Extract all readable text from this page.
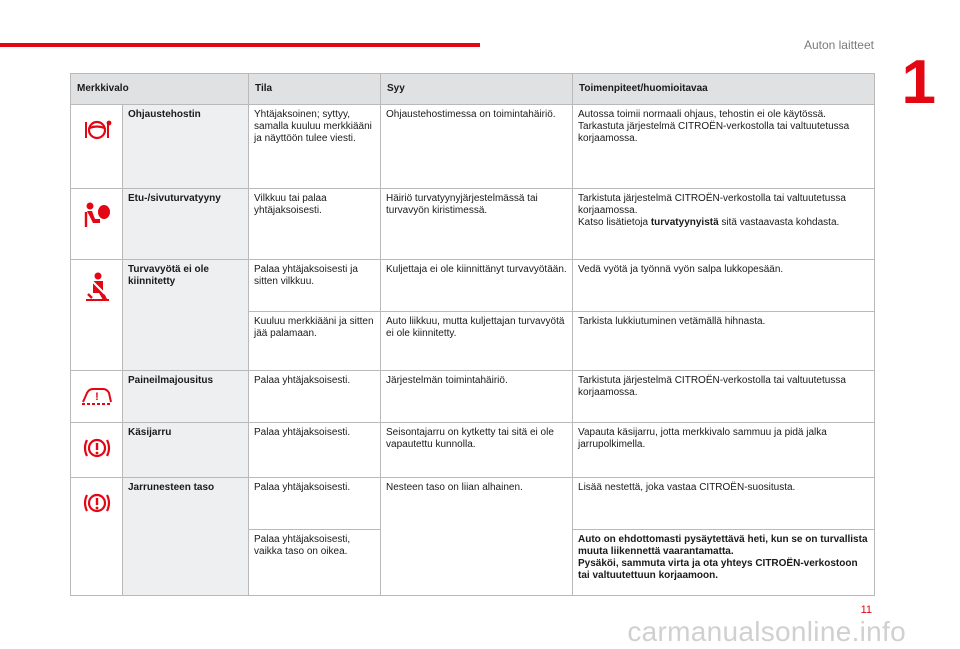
Auton laitteet
1
Merkkivalo		Tila	Syy	Toimenpiteet/huomioitavaa
	Ohjaustehostin	Yhtäjaksoinen; syttyy, samalla kuuluu merkkiääni ja näyttöön tulee viesti.	Ohjaustehostimessa on toimintahäiriö.	Autossa toimii normaali ohjaus, tehostin ei ole käytössä.
Tarkastuta järjestelmä CITROËN-verkostolla tai valtuutetussa korjaamossa.
	Etu-/sivuturvatyyny	Vilkkuu tai palaa yhtäjaksoisesti.	Häiriö turvatyynyjärjestelmässä tai turvavyön kiristimessä.	Tarkistuta järjestelmä CITROËN-verkostolla tai valtuutetussa korjaamossa.
Katso lisätietoja turvatyynyistä sitä vastaavasta kohdasta.
	Turvavyötä ei ole kiinnitetty	Palaa yhtäjaksoisesti ja sitten vilkkuu.	Kuljettaja ei ole kiinnittänyt turvavyötään.	Vedä vyötä ja työnnä vyön salpa lukkopesään.
		Kuuluu merkkiääni ja sitten jää palamaan.	Auto liikkuu, mutta kuljettajan turvavyötä ei ole kiinnitetty.	Tarkista lukkiutuminen vetämällä hihnasta.

!	Paineilmajousitus	Palaa yhtäjaksoisesti.	Järjestelmän toimintahäiriö.	Tarkistuta järjestelmä CITROËN-verkostolla tai valtuutetussa korjaamossa.
	Käsijarru	Palaa yhtäjaksoisesti.	Seisontajarru on kytketty tai sitä ei ole vapautettu kunnolla.	Vapauta käsijarru, jotta merkkivalo sammuu ja pidä jalka jarrupolkimella.
	Jarrunesteen taso	Palaa yhtäjaksoisesti.	Nesteen taso on liian alhainen.	Lisää nestettä, joka vastaa CITROËN-suositusta.
		Palaa yhtäjaksoisesti, vaikka taso on oikea.		Auto on ehdottomasti pysäytettävä heti, kun se on turvallista muuta liikennettä vaarantamatta.
Pysäköi, sammuta virta ja ota yhteys CITROËN-verkostoon tai valtuutettuun korjaamoon.
11
carmanualsonline.info
